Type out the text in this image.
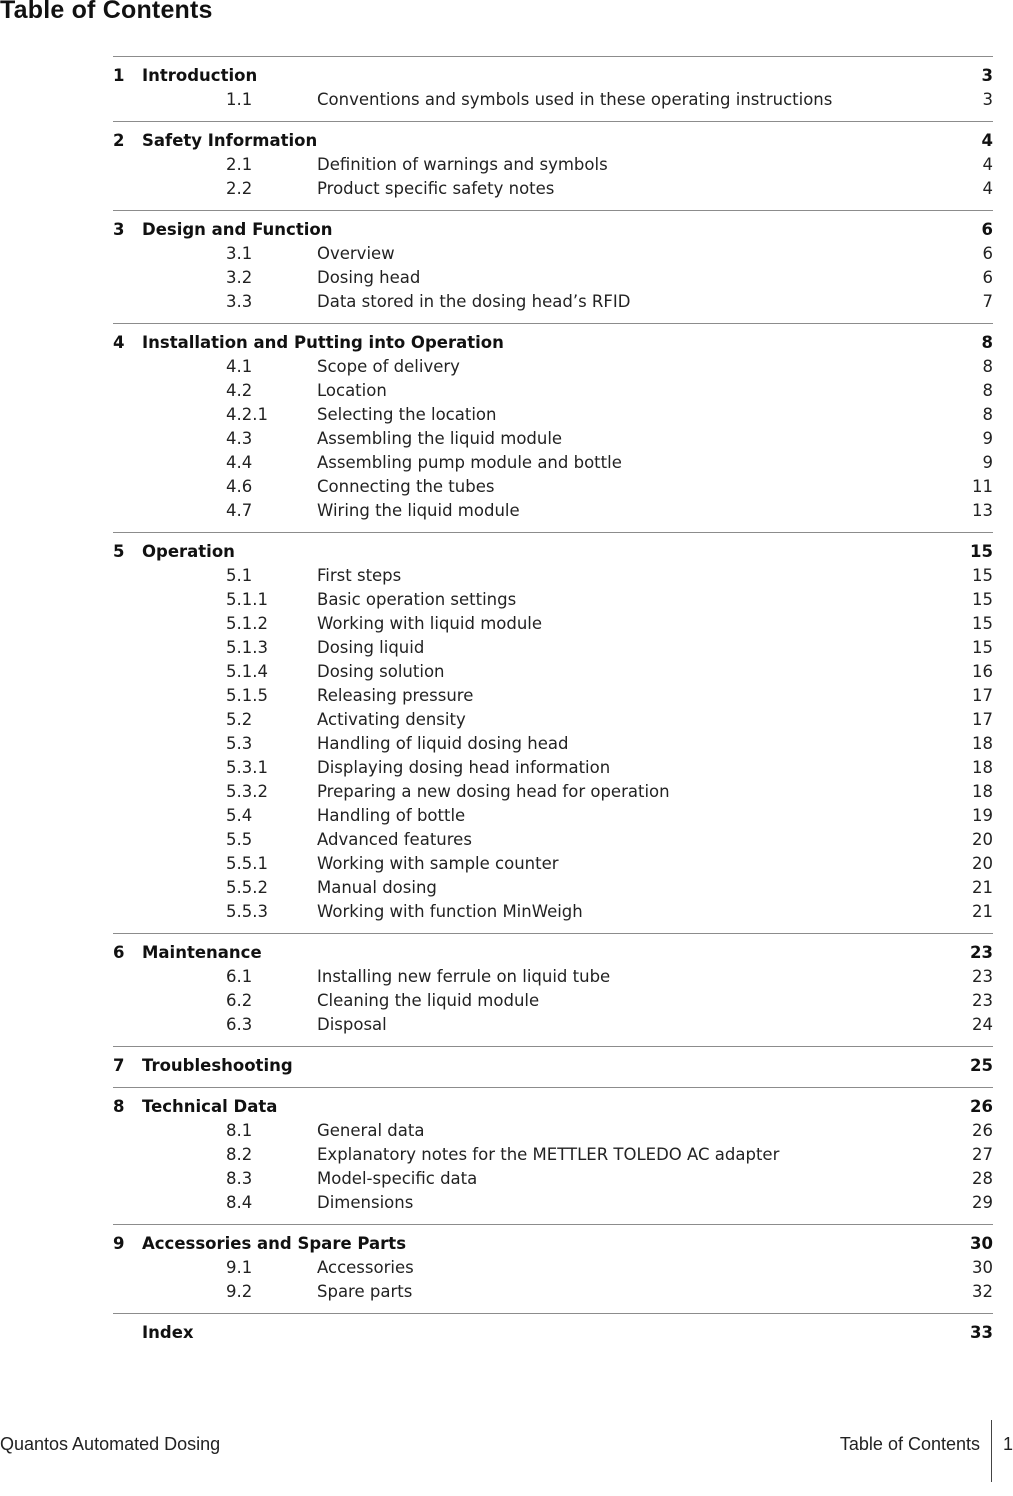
Table of Contents
1	Introduction	3
1.1	Conventions and symbols used in these operating instructions	3
2	Safety Information	4
2.1	Definition of warnings and symbols	4
2.2	Product specific safety notes	4
3	Design and Function	6
3.1	Overview	6
3.2	Dosing head	6
3.3	Data stored in the dosing head’s RFID	7
4	Installation and Putting into Operation	8
4.1	Scope of delivery	8
4.2	Location	8
4.2.1	Selecting the location	8
4.3	Assembling the liquid module	9
4.4	Assembling pump module and bottle	9
4.6	Connecting the tubes	11
4.7	Wiring the liquid module	13
5	Operation	15
5.1	First steps	15
5.1.1	Basic operation settings	15
5.1.2	Working with liquid module	15
5.1.3	Dosing liquid	15
5.1.4	Dosing solution	16
5.1.5	Releasing pressure	17
5.2	Activating density	17
5.3	Handling of liquid dosing head	18
5.3.1	Displaying dosing head information	18
5.3.2	Preparing a new dosing head for operation	18
5.4	Handling of bottle	19
5.5	Advanced features	20
5.5.1	Working with sample counter	20
5.5.2	Manual dosing	21
5.5.3	Working with function MinWeigh	21
6	Maintenance	23
6.1	Installing new ferrule on liquid tube	23
6.2	Cleaning the liquid module	23
6.3	Disposal	24
7	Troubleshooting	25
8	Technical Data	26
8.1	General data	26
8.2	Explanatory notes for the METTLER TOLEDO AC adapter	27
8.3	Model-specific data	28
8.4	Dimensions	29
9	Accessories and Spare Parts	30
9.1	Accessories	30
9.2	Spare parts	32
Index	33
Quantos Automated Dosing	Table of Contents 1
